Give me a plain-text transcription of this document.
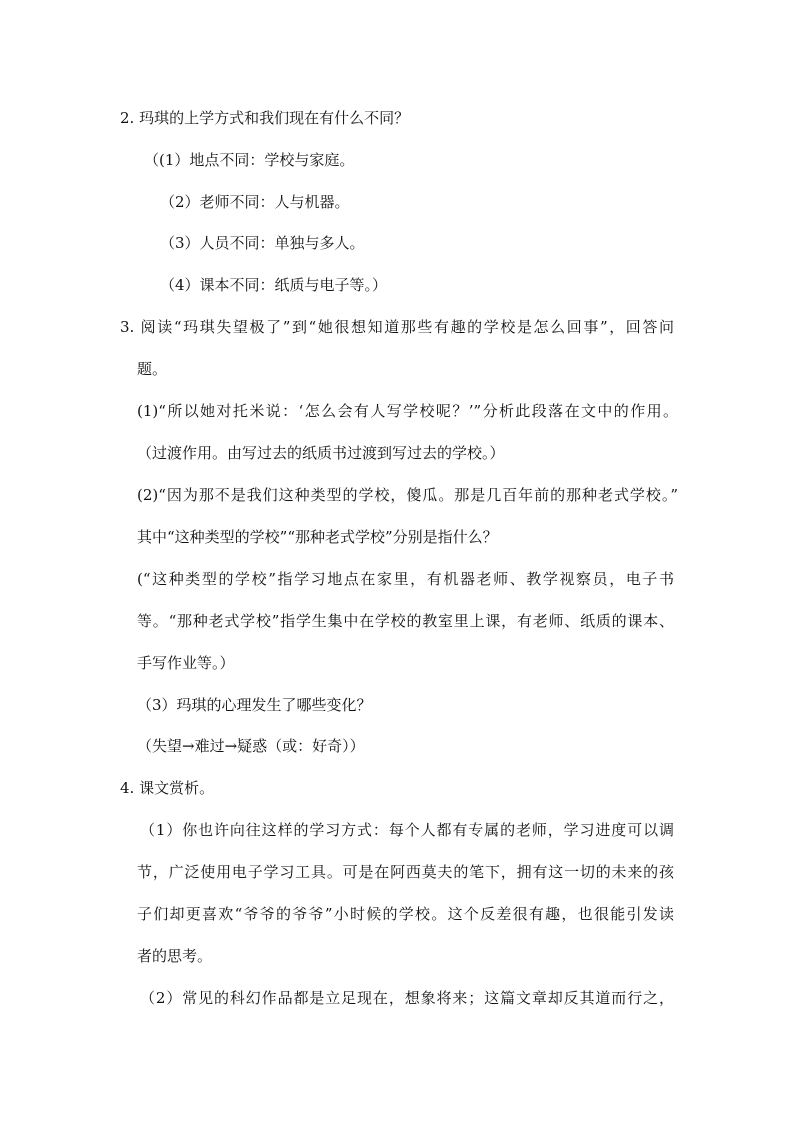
2. 玛琪的上学方式和我们现在有什么不同？
（(1）地点不同：学校与家庭。
（2）老师不同：人与机器。
（3）人员不同：单独与多人。
（4）课本不同：纸质与电子等。）
3. 阅读“玛琪失望极了”到“她很想知道那些有趣的学校是怎么回事”，回答问
题。
(1)“所以她对托米说：‘怎么会有人写学校呢？’”分析此段落在文中的作用。
（过渡作用。由写过去的纸质书过渡到写过去的学校。）
(2)“因为那不是我们这种类型的学校，傻瓜。那是几百年前的那种老式学校。”
其中“这种类型的学校”“那种老式学校”分别是指什么？
(“这种类型的学校”指学习地点在家里，有机器老师、教学视察员，电子书
等。“那种老式学校”指学生集中在学校的教室里上课，有老师、纸质的课本、
手写作业等。）
（3）玛琪的心理发生了哪些变化？
（失望→难过→疑惑（或：好奇））
4. 课文赏析。
（1）你也许向往这样的学习方式：每个人都有专属的老师，学习进度可以调
节，广泛使用电子学习工具。可是在阿西莫夫的笔下，拥有这一切的未来的孩
子们却更喜欢“爷爷的爷爷”小时候的学校。这个反差很有趣，也很能引发读
者的思考。
（2）常见的科幻作品都是立足现在，想象将来；这篇文章却反其道而行之，
